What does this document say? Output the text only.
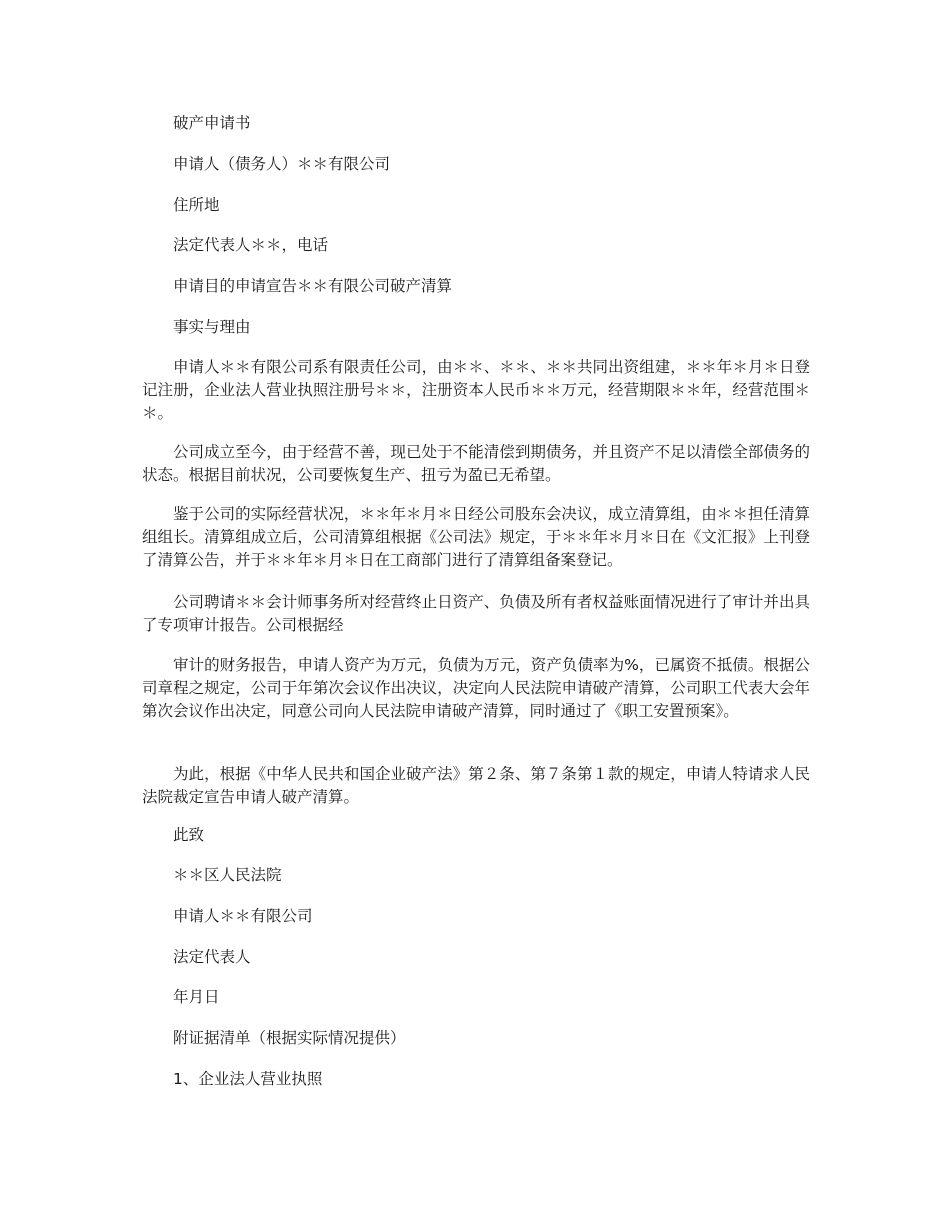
破产申请书

申请人（债务人）＊＊有限公司

住所地

法定代表人＊＊，电话

申请目的申请宣告＊＊有限公司破产清算

事实与理由

申请人＊＊有限公司系有限责任公司，由＊＊、＊＊、＊＊共同出资组建，＊＊年＊月＊日登记注册，企业法人营业执照注册号＊＊，注册资本人民币＊＊万元，经营期限＊＊年，经营范围＊＊。

公司成立至今，由于经营不善，现已处于不能清偿到期债务，并且资产不足以清偿全部债务的状态。根据目前状况，公司要恢复生产、扭亏为盈已无希望。

鉴于公司的实际经营状况，＊＊年＊月＊日经公司股东会决议，成立清算组，由＊＊担任清算组组长。清算组成立后，公司清算组根据《公司法》规定，于＊＊年＊月＊日在《文汇报》上刊登了清算公告，并于＊＊年＊月＊日在工商部门进行了清算组备案登记。

公司聘请＊＊会计师事务所对经营终止日资产、负债及所有者权益账面情况进行了审计并出具了专项审计报告。公司根据经

审计的财务报告，申请人资产为万元，负债为万元，资产负债率为%，已属资不抵债。根据公司章程之规定，公司于年第次会议作出决议，决定向人民法院申请破产清算，公司职工代表大会年第次会议作出决定，同意公司向人民法院申请破产清算，同时通过了《职工安置预案》。

为此，根据《中华人民共和国企业破产法》第２条、第７条第１款的规定，申请人特请求人民法院裁定宣告申请人破产清算。

此致

＊＊区人民法院

申请人＊＊有限公司

法定代表人

年月日

附证据清单（根据实际情况提供）

1、企业法人营业执照
